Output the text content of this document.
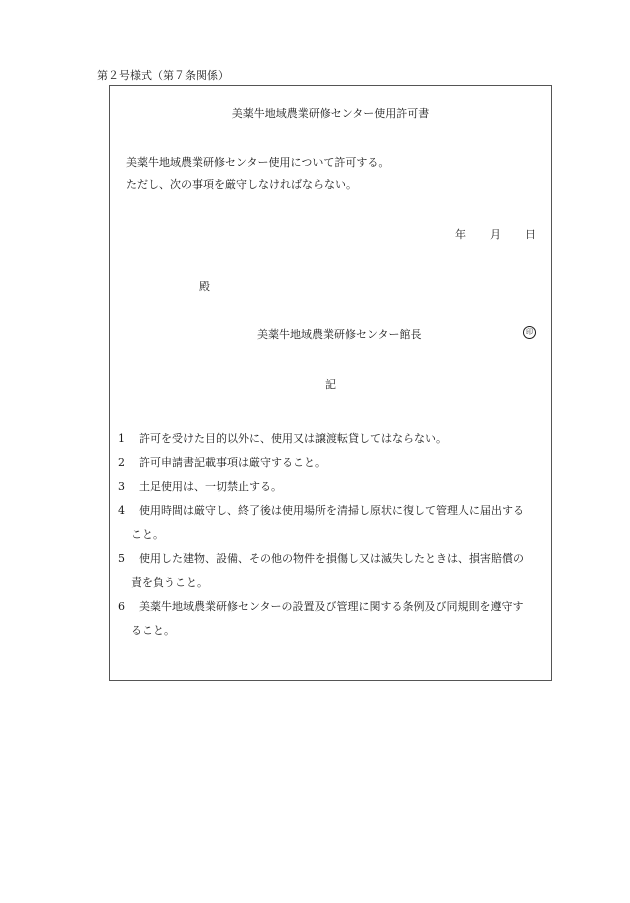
第２号様式（第７条関係）
美薬牛地域農業研修センター使用許可書
美薬牛地域農業研修センター使用について許可する。
ただし、次の事項を厳守しなければならない。
年 月 日
殿
美薬牛地域農業研修センター館長	印
記
1	許可を受けた目的以外に、使用又は譲渡転貸してはならない。
2	許可申請書記載事項は厳守すること。
3	土足使用は、一切禁止する。
4	使用時間は厳守し、終了後は使用場所を清掃し原状に復して管理人に届出する
こと。
5	使用した建物、設備、その他の物件を損傷し又は滅失したときは、損害賠償の
責を負うこと。
6	美薬牛地域農業研修センターの設置及び管理に関する条例及び同規則を遵守す
ること。
